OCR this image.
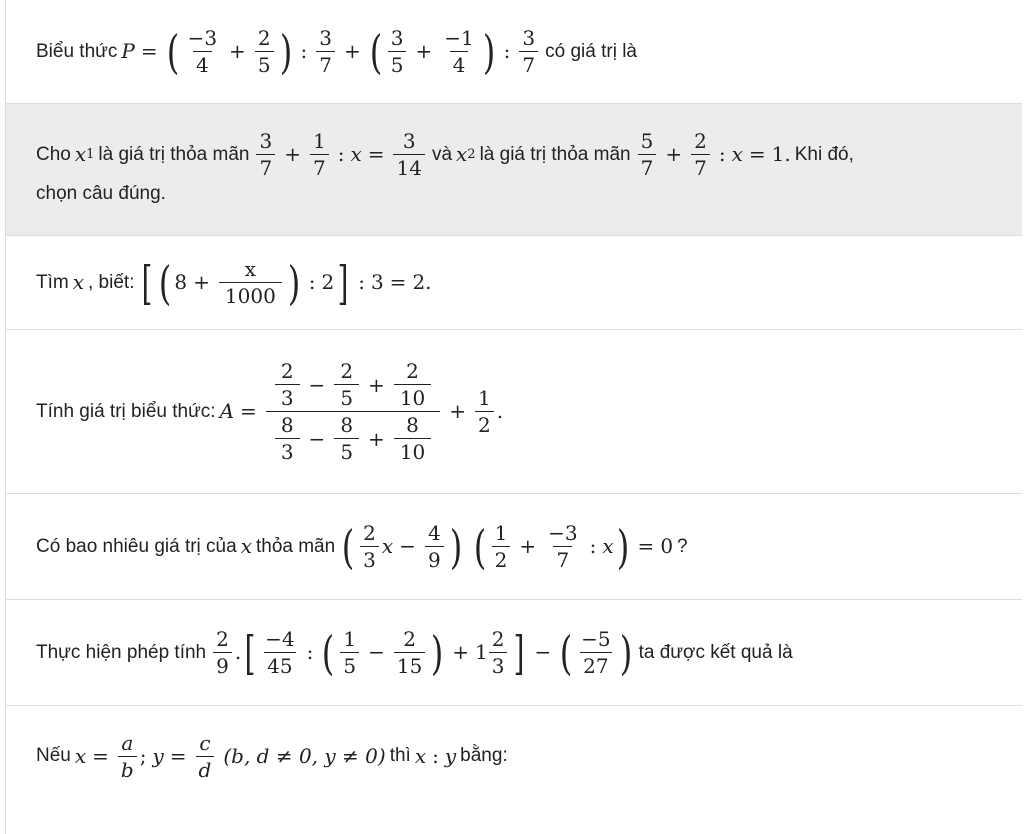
Biểu thức P = ( $\frac{-3}{4} + \frac{2}{5}$ ) : $\frac{3}{7}$ + ( $\frac{3}{5} + \frac{-1}{4}$ ) : $\frac{3}{7}$ có giá trị là
Cho x 1 là giá trị thỏa mãn $\frac{3}{7} + \frac{1}{7}$ : $x = \frac{3}{14}$ và x 2 là giá trị thỏa mãn $\frac{5}{7} + \frac{2}{7}$ : x = 1. Khi đó,
chọn câu đúng.
Tìm x , biết: [ ( $8 + \frac{x}{1000}$ ) : 2 ] : 3 = 2.
Tính giá trị biểu thức: A =
$\frac{2}{3} - \frac{2}{5} + \frac{2}{10}$
$\frac{8}{3} - \frac{8}{5} + \frac{8}{10}$
+ $\frac{1}{2}$ .
Có bao nhiêu giá trị của x thỏa mãn ( $\frac{2}{3}$ $x - \frac{4}{9}$ ) ( $\frac{1}{2} + \frac{-3}{7}$ : x ) = 0 ?
Thực hiện phép tính $\frac{2}{9}$ . [ $\frac{-4}{45}$ : ( $\frac{1}{5} - \frac{2}{15}$ ) + $1 \frac{2}{3}$ ] − ( $\frac{-5}{27}$ ) ta được kết quả là
Nếu $x = \frac{a}{b}$ ; $y = \frac{c}{d} (b$, d ≠ 0, y ≠ 0) thì x : y bằng:
